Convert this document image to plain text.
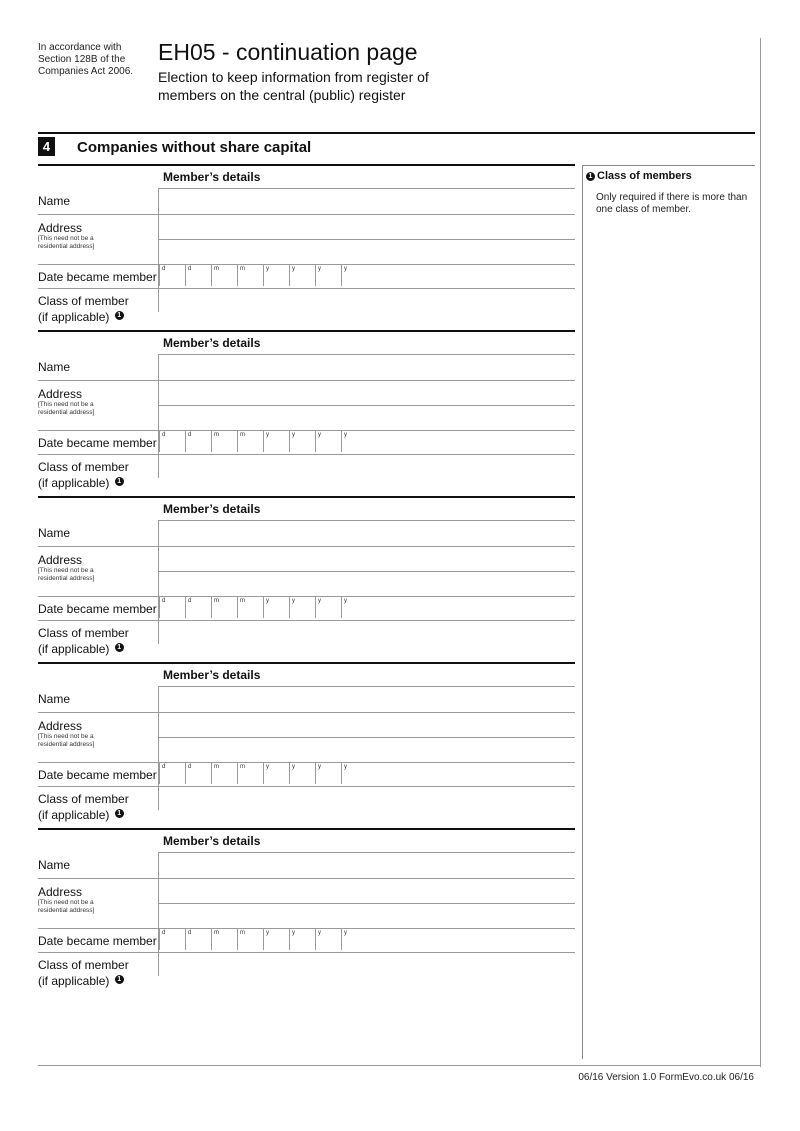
In accordance with
Section 128B of the
Companies Act 2006.
EH05 - continuation page
Election to keep information from register of
members on the central (public) register
4	Companies without share capital
1 Class of members
Only required if there is more than
one class of member.
Member’s details
Name
Address
[This need not be a
residential address]
Date became member
d	d	m	m	y	y	y	y
Class of member
(if applicable) 1
Member’s details
Name
Address
[This need not be a
residential address]
Date became member
d	d	m	m	y	y	y	y
Class of member
(if applicable) 1
Member’s details
Name
Address
[This need not be a
residential address]
Date became member
d	d	m	m	y	y	y	y
Class of member
(if applicable) 1
Member’s details
Name
Address
[This need not be a
residential address]
Date became member
d	d	m	m	y	y	y	y
Class of member
(if applicable) 1
Member’s details
Name
Address
[This need not be a
residential address]
Date became member
d	d	m	m	y	y	y	y
Class of member
(if applicable) 1
06/16 Version 1.0 FormEvo.co.uk 06/16
